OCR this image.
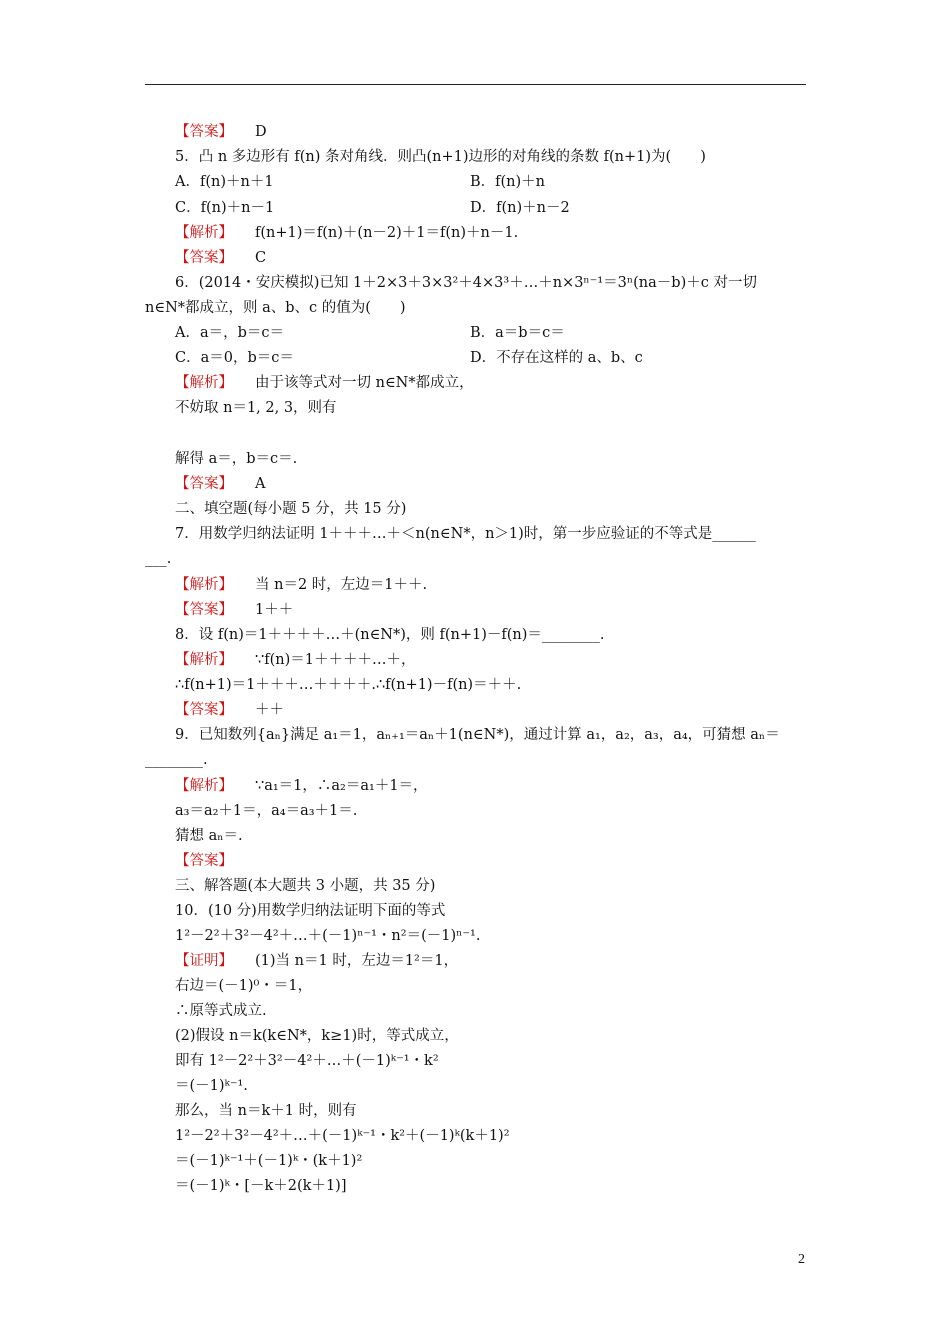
【答案】 D
5．凸 n 多边形有 f(n) 条对角线．则凸(n+1)边形的对角线的条数 f(n+1)为(　　)
A．f(n)＋n＋1	B．f(n)＋n
C．f(n)＋n－1	D．f(n)＋n－2
【解析】 f(n+1)＝f(n)＋(n－2)＋1＝f(n)＋n－1.
【答案】 C
6．(2014・安庆模拟)已知 1＋2×3＋3×3²＋4×3³＋…＋n×3ⁿ⁻¹＝3ⁿ(na－b)＋c 对一切
n∈N*都成立，则 a、b、c 的值为(　　)
A．a＝，b＝c＝	B．a＝b＝c＝
C．a＝0，b＝c＝	D．不存在这样的 a、b、c
【解析】 由于该等式对一切 n∈N*都成立，
不妨取 n＝1, 2, 3，则有
解得 a＝，b＝c＝.
【答案】 A
二、填空题(每小题 5 分，共 15 分)
7．用数学归纳法证明 1＋＋＋…＋＜n(n∈N*，n＞1)时，第一步应验证的不等式是______
___.
【解析】 当 n＝2 时，左边＝1＋＋.
【答案】 1＋＋
8．设 f(n)＝1＋＋＋＋…＋(n∈N*)，则 f(n+1)－f(n)＝________.
【解析】 ∵f(n)＝1＋＋＋＋…＋，
∴f(n+1)＝1＋＋＋…＋＋＋＋.∴f(n+1)－f(n)＝＋＋.
【答案】 ＋＋
9．已知数列{aₙ}满足 a₁＝1，aₙ₊₁＝aₙ＋1(n∈N*)，通过计算 a₁，a₂，a₃，a₄，可猜想 aₙ＝
________.
【解析】 ∵a₁＝1，∴a₂＝a₁＋1＝，
a₃＝a₂＋1＝，a₄＝a₃＋1＝.
猜想 aₙ＝.
【答案】
三、解答题(本大题共 3 小题，共 35 分)
10．(10 分)用数学归纳法证明下面的等式
1²－2²＋3²－4²＋…＋(－1)ⁿ⁻¹・n²＝(－1)ⁿ⁻¹.
【证明】 (1)当 n＝1 时，左边＝1²＝1，
右边＝(－1)⁰・＝1，
∴原等式成立.
(2)假设 n＝k(k∈N*，k≥1)时，等式成立，
即有 1²－2²＋3²－4²＋…＋(－1)ᵏ⁻¹・k²
＝(－1)ᵏ⁻¹.
那么，当 n＝k＋1 时，则有
1²－2²＋3²－4²＋…＋(－1)ᵏ⁻¹・k²＋(－1)ᵏ(k＋1)²
＝(－1)ᵏ⁻¹＋(－1)ᵏ・(k＋1)²
＝(－1)ᵏ・[－k＋2(k＋1)]
2
